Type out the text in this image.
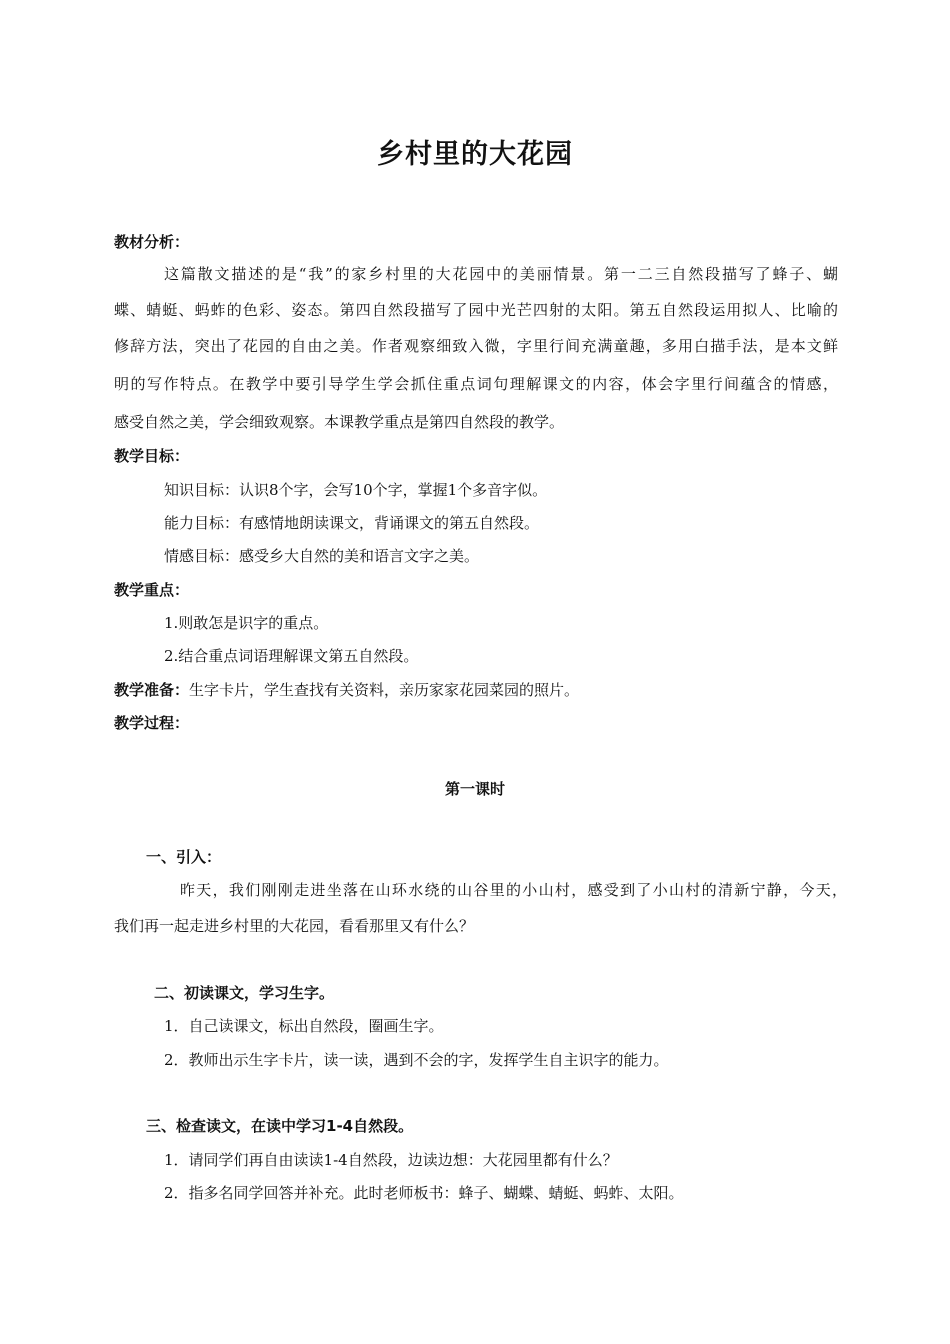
乡村里的大花园
教材分析：
这篇散文描述的是“我”的家乡村里的大花园中的美丽情景。第一二三自然段描写了蜂子、蝴
蝶、蜻蜓、蚂蚱的色彩、姿态。第四自然段描写了园中光芒四射的太阳。第五自然段运用拟人、比喻的
修辞方法，突出了花园的自由之美。作者观察细致入微，字里行间充满童趣，多用白描手法，是本文鲜
明的写作特点。在教学中要引导学生学会抓住重点词句理解课文的内容，体会字里行间蕴含的情感，
感受自然之美，学会细致观察。本课教学重点是第四自然段的教学。
教学目标：
知识目标：认识8个字，会写10个字，掌握1个多音字似。
能力目标：有感情地朗读课文，背诵课文的第五自然段。
情感目标：感受乡大自然的美和语言文字之美。
教学重点：
1.则敢怎是识字的重点。
2.结合重点词语理解课文第五自然段。
教学准备：生字卡片，学生查找有关资料，亲历家家花园菜园的照片。
教学过程：
第一课时
一、引入：
昨天，我们刚刚走进坐落在山环水绕的山谷里的小山村，感受到了小山村的清新宁静，今天，
我们再一起走进乡村里的大花园，看看那里又有什么？
二、初读课文，学习生字。
1．自己读课文，标出自然段，圈画生字。
2．教师出示生字卡片，读一读，遇到不会的字，发挥学生自主识字的能力。
三、检查读文，在读中学习1-4自然段。
1．请同学们再自由读读1-4自然段，边读边想：大花园里都有什么？
2．指多名同学回答并补充。此时老师板书：蜂子、蝴蝶、蜻蜓、蚂蚱、太阳。
